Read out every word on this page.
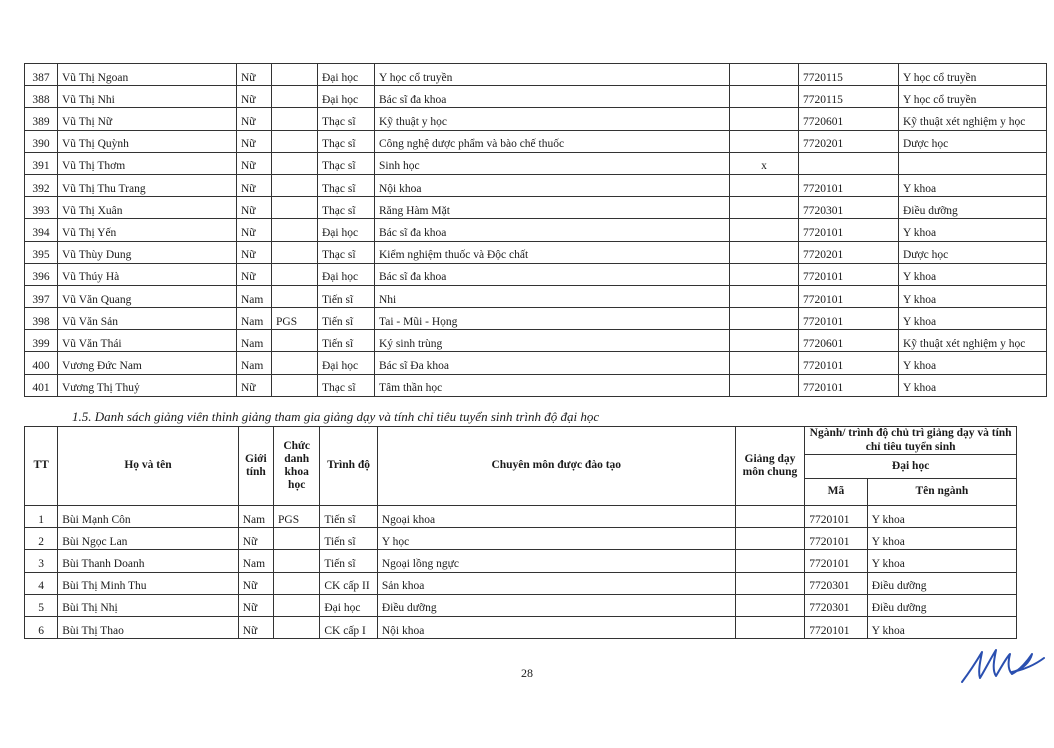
387	Vũ Thị Ngoan	Nữ		Đại học	Y học cổ truyền		7720115	Y học cổ truyền
388	Vũ Thị Nhi	Nữ		Đại học	Bác sĩ đa khoa		7720115	Y học cổ truyền
389	Vũ Thị Nữ	Nữ		Thạc sĩ	Kỹ thuật y học		7720601	Kỹ thuật xét nghiệm y học
390	Vũ Thị Quỳnh	Nữ		Thạc sĩ	Công nghệ dược phẩm và bào chế thuốc		7720201	Dược học
391	Vũ Thị Thơm	Nữ		Thạc sĩ	Sinh học	x		
392	Vũ Thị Thu Trang	Nữ		Thạc sĩ	Nội khoa		7720101	Y khoa
393	Vũ Thị Xuân	Nữ		Thạc sĩ	Răng Hàm Mặt		7720301	Điều dưỡng
394	Vũ Thị Yến	Nữ		Đại học	Bác sĩ đa khoa		7720101	Y khoa
395	Vũ Thùy Dung	Nữ		Thạc sĩ	Kiểm nghiệm thuốc và Độc chất		7720201	Dược học
396	Vũ Thúy Hà	Nữ		Đại học	Bác sĩ đa khoa		7720101	Y khoa
397	Vũ Văn Quang	Nam		Tiến sĩ	Nhi		7720101	Y khoa
398	Vũ Văn Sản	Nam	PGS	Tiến sĩ	Tai - Mũi - Họng		7720101	Y khoa
399	Vũ Văn Thái	Nam		Tiến sĩ	Ký sinh trùng		7720601	Kỹ thuật xét nghiệm y học
400	Vương Đức Nam	Nam		Đại học	Bác sĩ Đa khoa		7720101	Y khoa
401	Vương Thị Thuỷ	Nữ		Thạc sĩ	Tâm thần học		7720101	Y khoa
1.5. Danh sách giảng viên thỉnh giảng tham gia giảng dạy và tính chỉ tiêu tuyển sinh trình độ đại học
TT	Họ và tên	Giới tính	Chức danh khoa học	Trình độ	Chuyên môn được đào tạo	Giảng dạy môn chung	Ngành/ trình độ chủ trì giảng dạy và tính chỉ tiêu tuyển sinh	
							Đại học	
							Mã	Tên ngành
1	Bùi Mạnh Côn	Nam	PGS	Tiến sĩ	Ngoại khoa		7720101	Y khoa
2	Bùi Ngọc Lan	Nữ		Tiến sĩ	Y học		7720101	Y khoa
3	Bùi Thanh Doanh	Nam		Tiến sĩ	Ngoại lồng ngực		7720101	Y khoa
4	Bùi Thị Minh Thu	Nữ		CK cấp II	Sản khoa		7720301	Điều dưỡng
5	Bùi Thị Nhị	Nữ		Đại học	Điều dưỡng		7720301	Điều dưỡng
6	Bùi Thị Thao	Nữ		CK cấp I	Nội khoa		7720101	Y khoa
28
